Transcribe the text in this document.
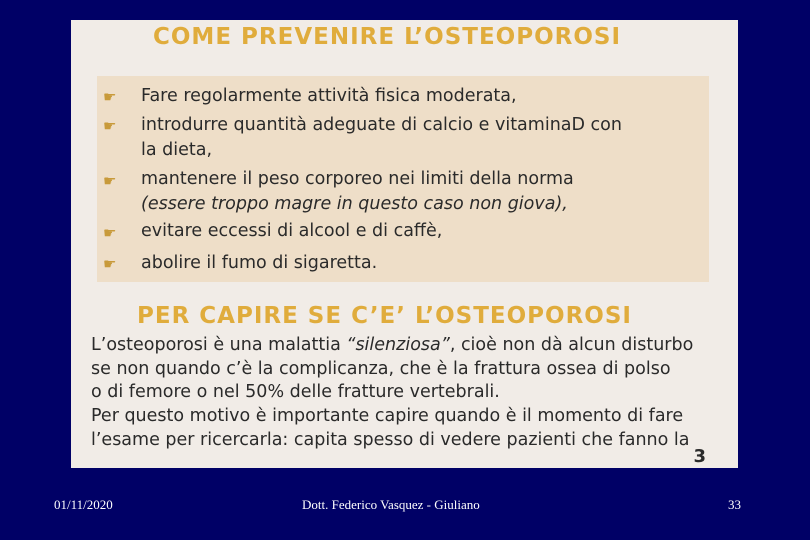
COME PREVENIRE L’OSTEOPOROSI
☛ Fare regolarmente attività fisica moderata,
☛ introdurre quantità adeguate di calcio e vitaminaD con
la dieta,
☛ mantenere il peso corporeo nei limiti della norma
(essere troppo magre in questo caso non giova),
☛ evitare eccessi di alcool e di caffè,
☛ abolire il fumo di sigaretta.
PER CAPIRE SE C’E’ L’OSTEOPOROSI
L’osteoporosi è una malattia “silenziosa”, cioè non dà alcun disturbo
se non quando c’è la complicanza, che è la frattura ossea di polso
o di femore o nel 50% delle fratture vertebrali.
Per questo motivo è importante capire quando è il momento di fare
l’esame per ricercarla: capita spesso di vedere pazienti che fanno la
3
01/11/2020	Dott. Federico Vasquez - Giuliano	33
